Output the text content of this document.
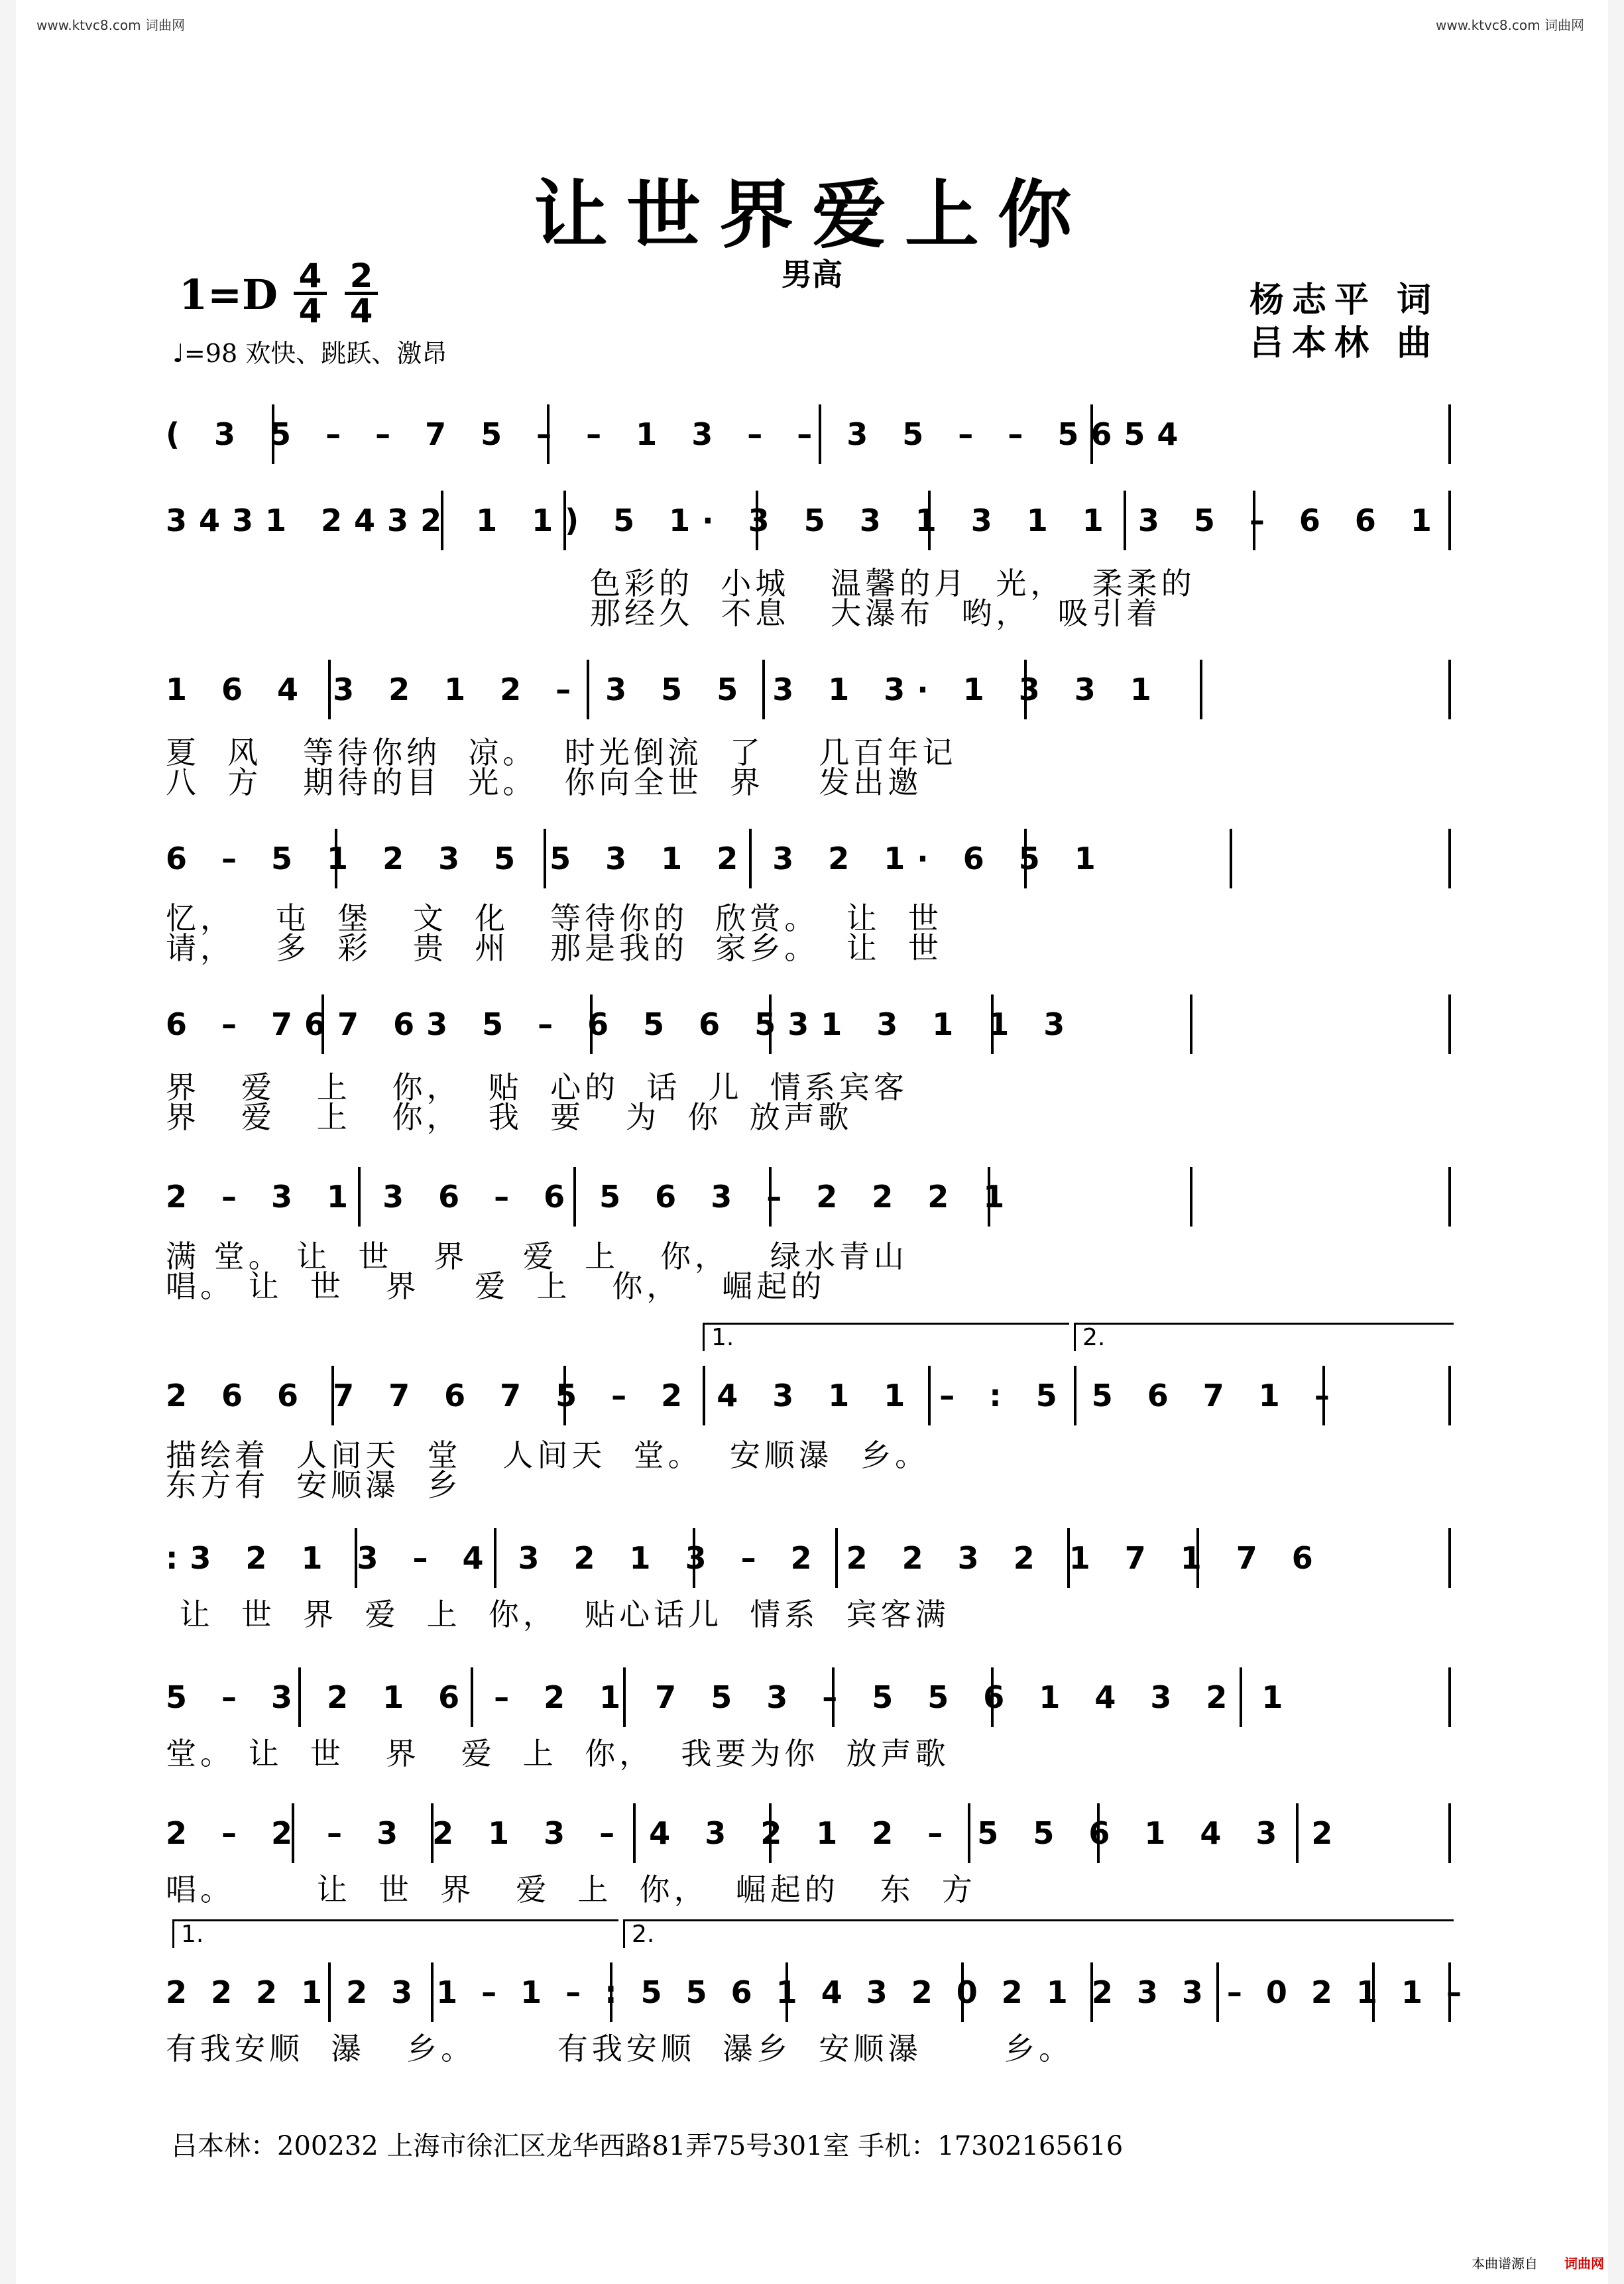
www.ktvc8.com 词曲网	www.ktvc8.com 词曲网
让世界爱上你
男高
$1=D \frac{4}{4} \frac{2}{4}$
♩=98 欢快、跳跃、激昂
杨志平 词
吕本林 曲
( 3 5 – – 7 5 – – 1 3 – – 3 5 – – 5654
3431 2432 1 1) 5 1· 3 5 3 1 3 1 1 3 5 – 6 6 1
色彩的  小城   温馨的月  光，  柔柔的
那经久  不息   大瀑布  哟，  吸引着
1 6 4 3 2 1 2 – 3 5 5 3 1 3· 1 3 3 1
夏  风   等待你纳  凉。  时光倒流  了    几百年记
八  方   期待的目  光。  你向全世  界    发出邀
6 – 5 1 2 3 5 5 3 1 2 3 2 1· 6 5 1
忆，   屯  堡   文  化   等待你的  欣赏。  让  世
请，   多  彩   贵  州   那是我的  家乡。  让  世
6 – 767 63 5 – 6 5 6 531 3 1 1 3
界   爱   上   你，  贴  心的  话  儿  情系宾客
界   爱   上   你，  我  要   为  你  放声歌
2 – 3 1 3 6 – 6 5 6 3 – 2 2 2 1
满 堂。 让  世   界    爱  上   你，   绿水青山
唱。 让  世   界    爱  上   你，   崛起的
1.	2.
2 6 6 7 7 6 7 5 – 2 4 3 1 1 – : 5 5 6 7 1 –
描绘着  人间天  堂   人间天  堂。  安顺瀑  乡。
东方有  安顺瀑  乡
:3 2 1 3 – 4 3 2 1 3 – 2 2 2 3 2 1 7 1 7 6
让  世  界  爱  上  你，  贴心话儿  情系  宾客满
5 – 3 2 1 6 – 2 1 7 5 3 – 5 5 6 1 4 3 2 1
堂。 让  世   界   爱  上  你，  我要为你  放声歌
2 – 2 – 3 2 1 3 – 4 3 2 1 2 – 5 5 6 1 4 3 2
唱。      让  世  界   爱  上  你，  崛起的   东  方
1.	2.
2 2 2 1 2 3 1 – 1 – : 5 5 6 1 4 3 2 0 2 1 2 3 3 – 0 2 1 1 –
有我安顺  瀑   乡。      有我安顺  瀑乡  安顺瀑      乡。
吕本林：200232 上海市徐汇区龙华西路81弄75号301室 手机：17302165616
本曲谱源自 词曲网
